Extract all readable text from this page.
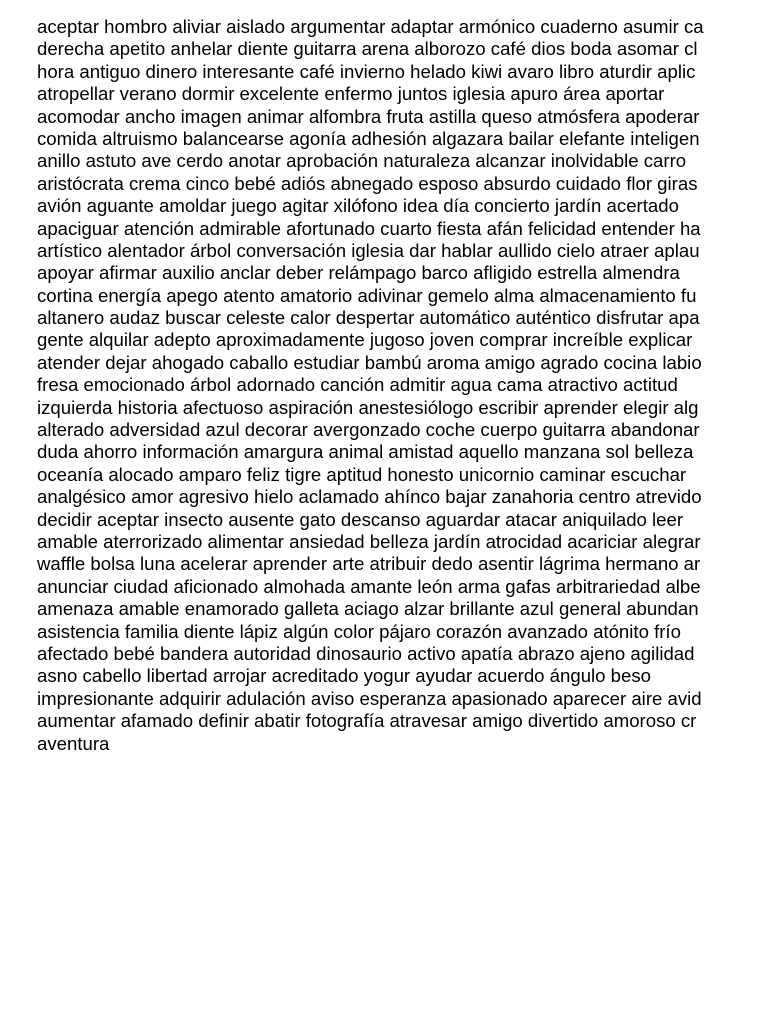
aceptar hombro aliviar aislado argumentar adaptar armónico cuaderno asumir ca
derecha apetito anhelar diente guitarra arena alborozo café dios boda asomar cl
hora antiguo dinero interesante café invierno helado kiwi avaro libro aturdir aplic
atropellar verano dormir excelente enfermo juntos iglesia apuro área aportar
acomodar ancho imagen animar alfombra fruta astilla queso atmósfera apoderar
comida altruismo balancearse agonía adhesión algazara bailar elefante inteligen
anillo astuto ave cerdo anotar aprobación naturaleza alcanzar inolvidable carro
aristócrata crema cinco bebé adiós abnegado esposo absurdo cuidado flor giras
avión aguante amoldar juego agitar xilófono idea día concierto jardín acertado
apaciguar atención admirable afortunado cuarto fiesta afán felicidad entender ha
artístico alentador árbol conversación iglesia dar hablar aullido cielo atraer aplau
apoyar afirmar auxilio anclar deber relámpago barco afligido estrella almendra
cortina energía apego atento amatorio adivinar gemelo alma almacenamiento fu
altanero audaz buscar celeste calor despertar automático auténtico disfrutar apa
gente alquilar adepto aproximadamente jugoso joven comprar increíble explicar
atender dejar ahogado caballo estudiar bambú aroma amigo agrado cocina labio
fresa emocionado árbol adornado canción admitir agua cama atractivo actitud
izquierda historia afectuoso aspiración anestesiólogo escribir aprender elegir alg
alterado adversidad azul decorar avergonzado coche cuerpo guitarra abandonar
duda ahorro información amargura animal amistad aquello manzana sol belleza
oceanía alocado amparo feliz tigre aptitud honesto unicornio caminar escuchar
analgésico amor agresivo hielo aclamado ahínco bajar zanahoria centro atrevido
decidir aceptar insecto ausente gato descanso aguardar atacar aniquilado leer
amable aterrorizado alimentar ansiedad belleza jardín atrocidad acariciar alegrar
waffle bolsa luna acelerar aprender arte atribuir dedo asentir lágrima hermano ar
anunciar ciudad aficionado almohada amante león arma gafas arbitrariedad albe
amenaza amable enamorado galleta aciago alzar brillante azul general abundan
asistencia familia diente lápiz algún color pájaro corazón avanzado atónito frío
afectado bebé bandera autoridad dinosaurio activo apatía abrazo ajeno agilidad
asno cabello libertad arrojar acreditado yogur ayudar acuerdo ángulo beso
impresionante adquirir adulación aviso esperanza apasionado aparecer aire avid
aumentar afamado definir abatir fotografía atravesar amigo divertido amoroso cr
aventura
